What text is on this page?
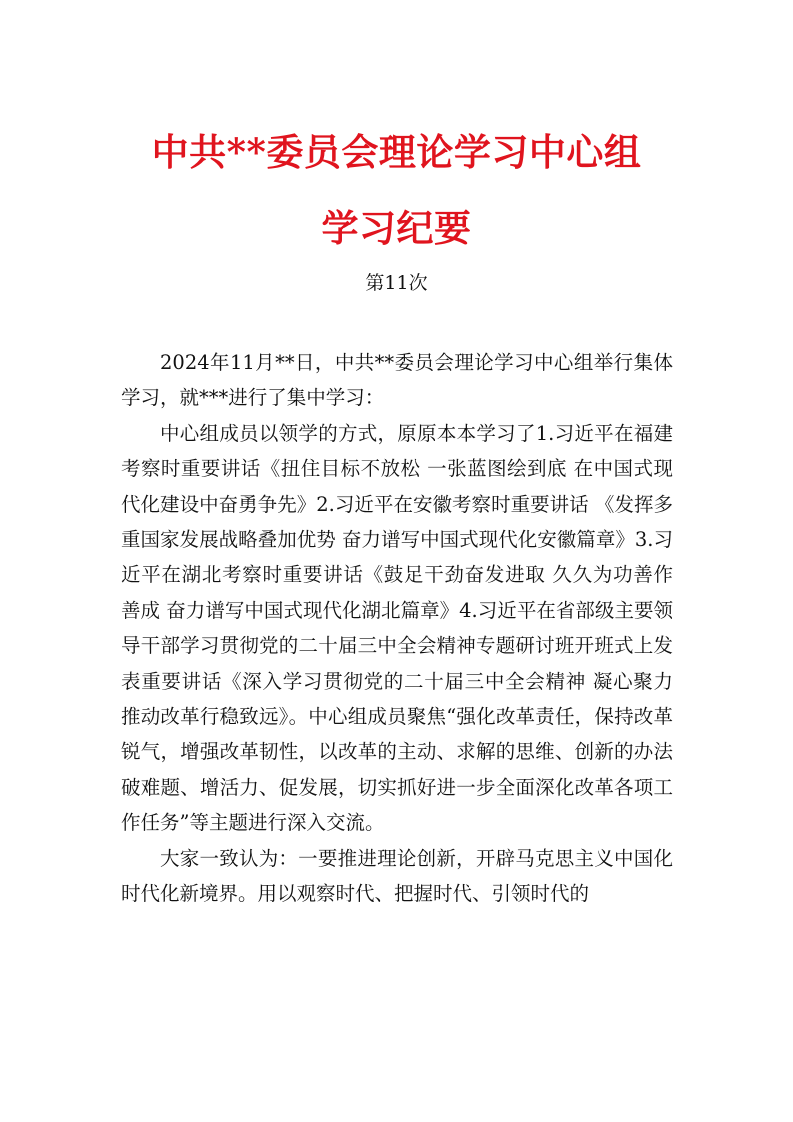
中共**委员会理论学习中心组
学习纪要
第11次

2024年11月**日，中共**委员会理论学习中心组举行集体学习，就***进行了集中学习：

中心组成员以领学的方式，原原本本学习了1.习近平在福建考察时重要讲话《扭住目标不放松 一张蓝图绘到底 在中国式现代化建设中奋勇争先》2.习近平在安徽考察时重要讲话 《发挥多重国家发展战略叠加优势 奋力谱写中国式现代化安徽篇章》3.习近平在湖北考察时重要讲话《鼓足干劲奋发进取 久久为功善作善成 奋力谱写中国式现代化湖北篇章》4.习近平在省部级主要领导干部学习贯彻党的二十届三中全会精神专题研讨班开班式上发表重要讲话《深入学习贯彻党的二十届三中全会精神 凝心聚力推动改革行稳致远》。中心组成员聚焦“强化改革责任，保持改革锐气，增强改革韧性，以改革的主动、求解的思维、创新的办法破难题、增活力、促发展，切实抓好进一步全面深化改革各项工作任务”等主题进行深入交流。

大家一致认为：一要推进理论创新，开辟马克思主义中国化时代化新境界。用以观察时代、把握时代、引领时代的
